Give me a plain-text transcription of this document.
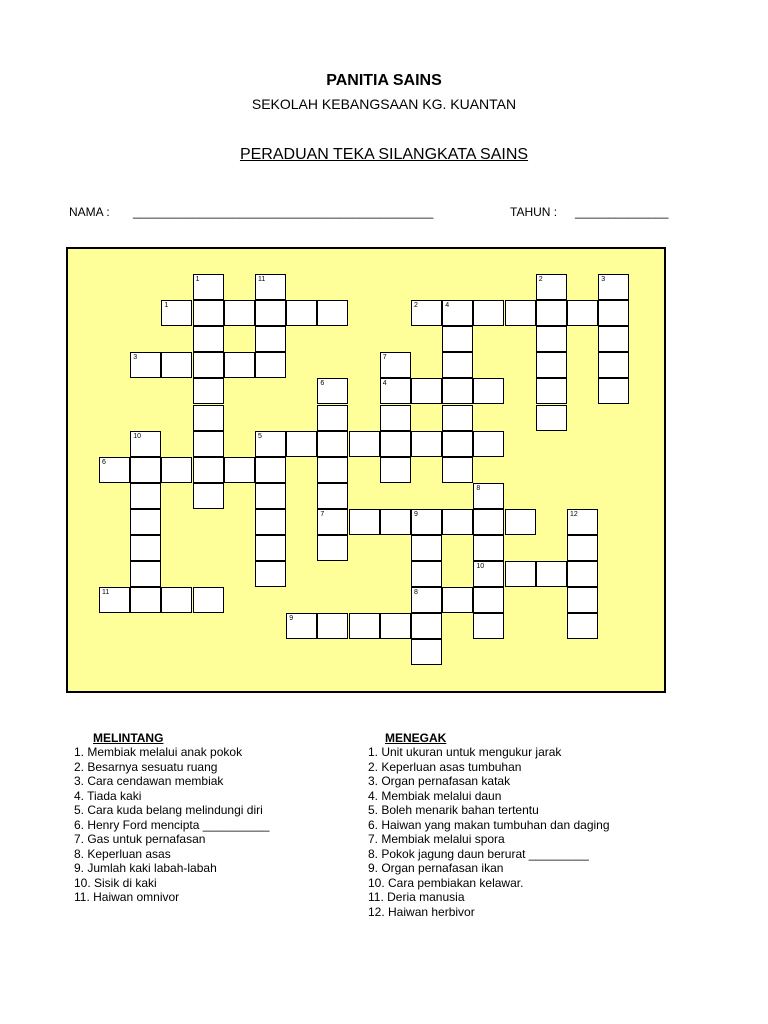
PANITIA SAINS
SEKOLAH KEBANGSAAN KG. KUANTAN
PERADUAN TEKA SILANGKATA SAINS
NAMA : _____________________________________________	TAHUN : ______________
1	11	2	3
1	2	4
3	7
6	4
10	5
6
8
7	9	12
10
11	8
9
MELINTANG
1. Membiak melalui anak pokok
2. Besarnya sesuatu ruang
3. Cara cendawan membiak
4. Tiada kaki
5. Cara kuda belang melindungi diri
6. Henry Ford mencipta __________
7. Gas untuk pernafasan
8. Keperluan asas
9. Jumlah kaki labah-labah
10. Sisik di kaki
11. Haiwan omnivor
MENEGAK
1. Unit ukuran untuk mengukur jarak
2. Keperluan asas tumbuhan
3. Organ pernafasan katak
4. Membiak melalui daun
5. Boleh menarik bahan tertentu
6. Haiwan yang makan tumbuhan dan daging
7. Membiak melalui spora
8. Pokok jagung daun berurat _________
9. Organ pernafasan ikan
10. Cara pembiakan kelawar.
11. Deria manusia
12. Haiwan herbivor
